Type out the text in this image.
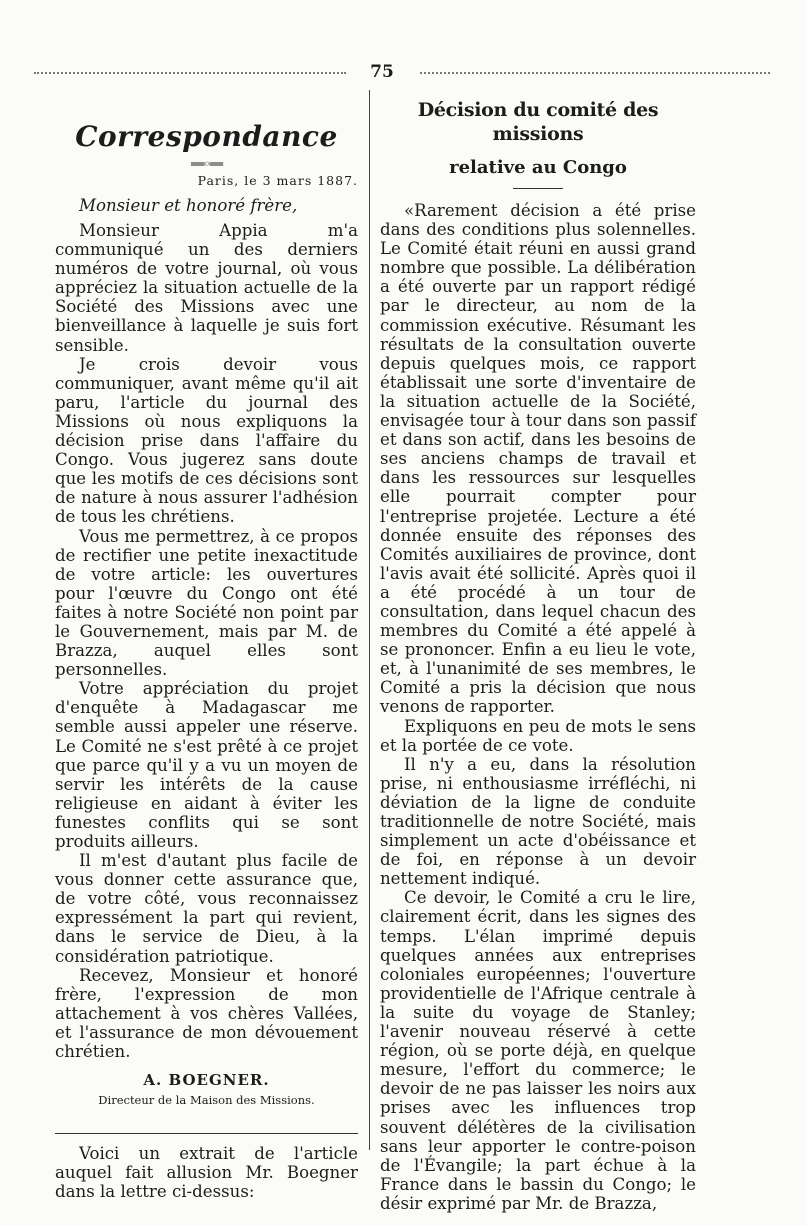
75
Correspondance
══◦══
Paris, le 3 mars 1887.
Monsieur et honoré frère,

Monsieur Appia m'a communiqué un des derniers numéros de votre journal, où vous appréciez la situation actuelle de la Société des Missions avec une bienveillance à laquelle je suis fort sensible.

Je crois devoir vous communiquer, avant même qu'il ait paru, l'article du journal des Missions où nous expliquons la décision prise dans l'affaire du Congo. Vous jugerez sans doute que les motifs de ces décisions sont de nature à nous assurer l'adhésion de tous les chrétiens.

Vous me permettrez, à ce propos de rectifier une petite inexactitude de votre article: les ouvertures pour l'œuvre du Congo ont été faites à notre Société non point par le Gouvernement, mais par M. de Brazza, auquel elles sont personnelles.

Votre appréciation du projet d'enquête à Madagascar me semble aussi appeler une réserve. Le Comité ne s'est prêté à ce projet que parce qu'il y a vu un moyen de servir les intérêts de la cause religieuse en aidant à éviter les funestes conflits qui se sont produits ailleurs.

Il m'est d'autant plus facile de vous donner cette assurance que, de votre côté, vous reconnaissez expressément la part qui revient, dans le service de Dieu, à la considération patriotique.

Recevez, Monsieur et honoré frère, l'expression de mon attachement à vos chères Vallées, et l'assurance de mon dévouement chrétien.

A. BOEGNER.
Directeur de la Maison des Missions.

Voici un extrait de l'article auquel fait allusion Mr. Boegner dans la lettre ci-dessus:

Décision du comité des missions
relative au Congo

«Rarement décision a été prise dans des conditions plus solennelles. Le Comité était réuni en aussi grand nombre que possible. La délibération a été ouverte par un rapport rédigé par le directeur, au nom de la commission exécutive. Résumant les résultats de la consultation ouverte depuis quelques mois, ce rapport établissait une sorte d'inventaire de la situation actuelle de la Société, envisagée tour à tour dans son passif et dans son actif, dans les besoins de ses anciens champs de travail et dans les ressources sur lesquelles elle pourrait compter pour l'entreprise projetée. Lecture a été donnée ensuite des réponses des Comités auxiliaires de province, dont l'avis avait été sollicité. Après quoi il a été procédé à un tour de consultation, dans lequel chacun des membres du Comité a été appelé à se prononcer. Enfin a eu lieu le vote, et, à l'unanimité de ses membres, le Comité a pris la décision que nous venons de rapporter.

Expliquons en peu de mots le sens et la portée de ce vote.

Il n'y a eu, dans la résolution prise, ni enthousiasme irréfléchi, ni déviation de la ligne de conduite traditionnelle de notre Société, mais simplement un acte d'obéissance et de foi, en réponse à un devoir nettement indiqué.

Ce devoir, le Comité a cru le lire, clairement écrit, dans les signes des temps. L'élan imprimé depuis quelques années aux entreprises coloniales européennes; l'ouverture providentielle de l'Afrique centrale à la suite du voyage de Stanley; l'avenir nouveau réservé à cette région, où se porte déjà, en quelque mesure, l'effort du commerce; le devoir de ne pas laisser les noirs aux prises avec les influences trop souvent délétères de la civilisation sans leur apporter le contre-poison de l'Évangile; la part échue à la France dans le bassin du Congo; le désir exprimé par Mr. de Brazza,
